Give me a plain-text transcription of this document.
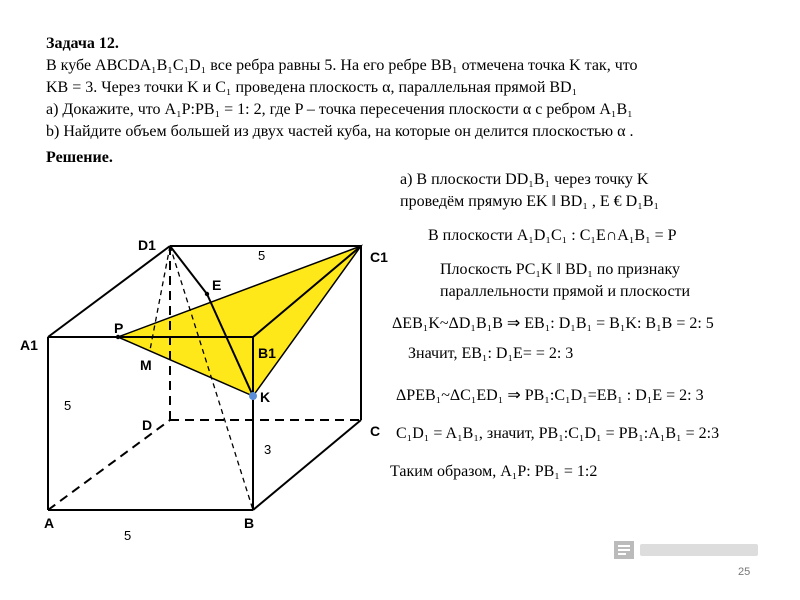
Задача 12.
В кубе ABCDA₁B₁C₁D₁ все ребра равны 5. На его ребре BB₁ отмечена точка K так, что
KB = 3. Через точки K и C₁ проведена плоскость α, параллельная прямой BD₁
a) Докажите, что A₁P:PB₁ = 1: 2, где P – точка пересечения плоскости α с ребром A₁B₁
b) Найдите объем большей из двух частей куба, на которые он делится плоскостью α .
Решение.
а) В плоскости DD₁B₁ через точку K
проведём прямую EK ‖ BD₁ , E € D₁B₁
В плоскости A₁D₁C₁ : C₁E∩A₁B₁ = P
Плоскость PC₁K ‖ BD₁ по признаку
параллельности прямой и плоскости
ΔEB₁K~ΔD₁B₁B ⇒ EB₁: D₁B₁ = B₁K: B₁B = 2: 5
Значит, EB₁: D₁E= = 2: 3
ΔPEB₁~ΔC₁ED₁ ⇒ PB₁:C₁D₁=EB₁ : D₁E = 2: 3
C₁D₁ = A₁B₁, значит, PB₁:C₁D₁ = PB₁:A₁B₁ = 2:3
Таким образом, A₁P: PB₁ = 1:2
D1
C1
A1	B1
A	B
C
D
E
P
M
K
5
5
5
3
25
